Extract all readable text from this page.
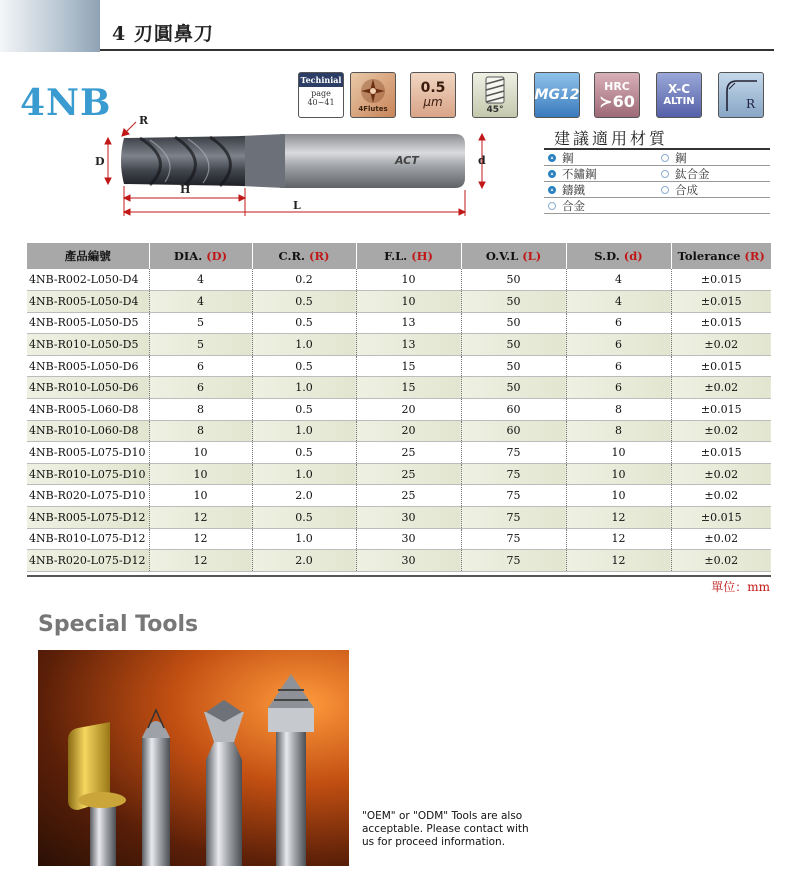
4 刃圓鼻刀
4NB
Techinial
page
40~41
4Flutes
0.5
μm
45°
MG12
HRC
≻60
X-C
ALTIN	R
ACT
R
D	d
H
L
建議適用材質
鋼	鋼
不鏽鋼	鈦合金
鑄鐵	合成
合金
產品編號	DIA. (D)	C.R. (R)	F.L. (H)	O.V.L (L)	S.D. (d)	Tolerance (R)
4NB-R002-L050-D4	4	0.2	10	50	4	±0.015
4NB-R005-L050-D4	4	0.5	10	50	4	±0.015
4NB-R005-L050-D5	5	0.5	13	50	6	±0.015
4NB-R010-L050-D5	5	1.0	13	50	6	±0.02
4NB-R005-L050-D6	6	0.5	15	50	6	±0.015
4NB-R010-L050-D6	6	1.0	15	50	6	±0.02
4NB-R005-L060-D8	8	0.5	20	60	8	±0.015
4NB-R010-L060-D8	8	1.0	20	60	8	±0.02
4NB-R005-L075-D10	10	0.5	25	75	10	±0.015
4NB-R010-L075-D10	10	1.0	25	75	10	±0.02
4NB-R020-L075-D10	10	2.0	25	75	10	±0.02
4NB-R005-L075-D12	12	0.5	30	75	12	±0.015
4NB-R010-L075-D12	12	1.0	30	75	12	±0.02
4NB-R020-L075-D12	12	2.0	30	75	12	±0.02
單位：mm
Special Tools
"OEM" or "ODM" Tools are also acceptable. Please contact with us for proceed information.
